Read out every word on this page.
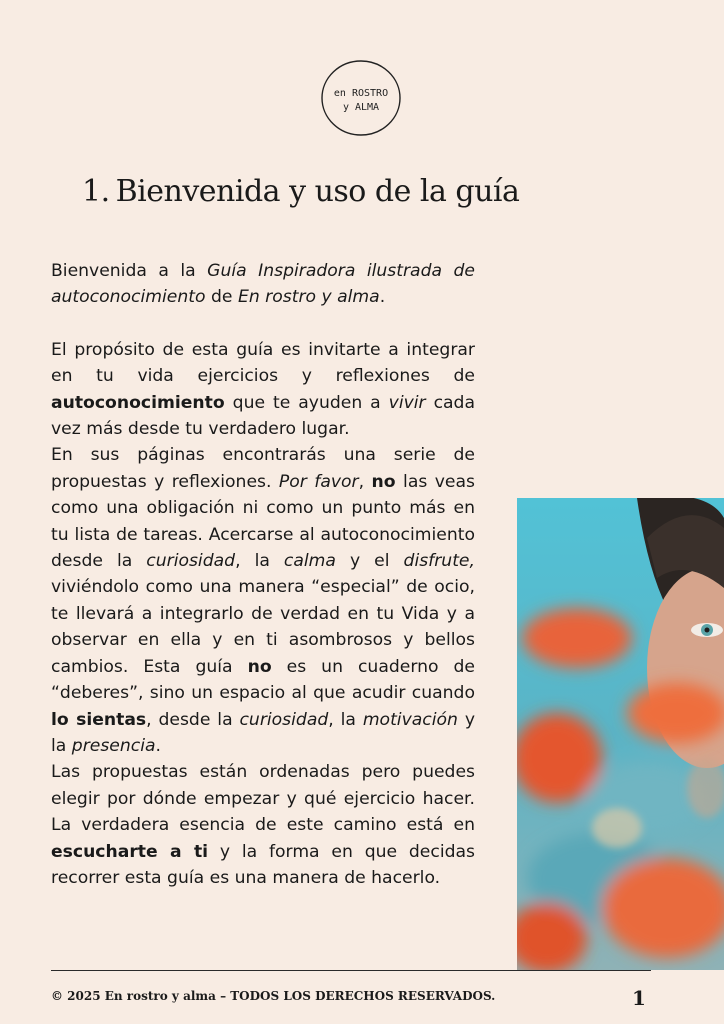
en ROSTRO
y ALMA
1. Bienvenida y uso de la guía

Bienvenida a la Guía Inspiradora ilustrada de autoconocimiento de En rostro y alma.

El propósito de esta guía es invitarte a integrar en tu vida ejercicios y reflexiones de autoconocimiento que te ayuden a vivir cada vez más desde tu verdadero lugar.

En sus páginas encontrarás una serie de propuestas y reflexiones. Por favor, no las veas como una obligación ni como un punto más en tu lista de tareas. Acercarse al autoconocimiento desde la curiosidad, la calma y el disfrute, viviéndolo como una manera “especial” de ocio, te llevará a integrarlo de verdad en tu Vida y a observar en ella y en ti asombrosos y bellos cambios. Esta guía no es un cuaderno de “deberes”, sino un espacio al que acudir cuando lo sientas, desde la curiosidad, la motivación y la presencia.

Las propuestas están ordenadas pero puedes elegir por dónde empezar y qué ejercicio hacer. La verdadera esencia de este camino está en escucharte a ti y la forma en que decidas recorrer esta guía es una manera de hacerlo.

© 2025 En rostro y alma – TODOS LOS DERECHOS RESERVADOS.	1
